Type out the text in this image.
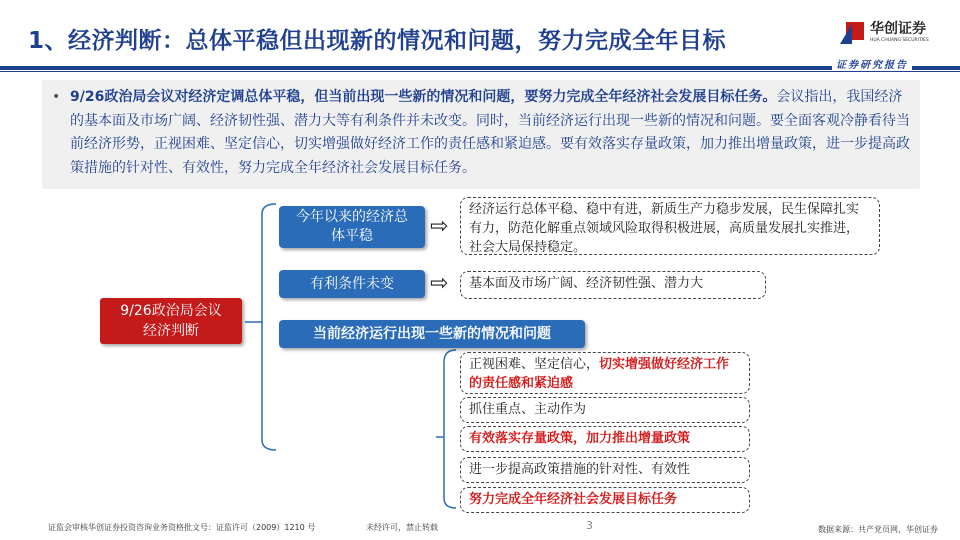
1、经济判断：总体平稳但出现新的情况和问题，努力完成全年目标	华创证券
HUA CHUANG SECURITIES
证券研究报告
• 9/26政治局会议对经济定调总体平稳，但当前出现一些新的情况和问题，要努力完成全年经济社会发展目标任务。会议指出，我国经济的基本面及市场广阔、经济韧性强、潜力大等有利条件并未改变。同时，当前经济运行出现一些新的情况和问题。要全面客观冷静看待当前经济形势，正视困难、坚定信心，切实增强做好经济工作的责任感和紧迫感。要有效落实存量政策，加力推出增量政策，进一步提高政策措施的针对性、有效性，努力完成全年经济社会发展目标任务。
9/26政治局会议经济判断
今年以来的经济总体平稳	⇨
经济运行总体平稳、稳中有进，新质生产力稳步发展，民生保障扎实有力，防范化解重点领域风险取得积极进展，高质量发展扎实推进，社会大局保持稳定。
有利条件未变 ⇨	基本面及市场广阔、经济韧性强、潜力大
当前经济运行出现一些新的情况和问题
正视困难、坚定信心，切实增强做好经济工作的责任感和紧迫感
抓住重点、主动作为
有效落实存量政策，加力推出增量政策
进一步提高政策措施的针对性、有效性
努力完成全年经济社会发展目标任务
证监会审核华创证券投资咨询业务资格批文号：证监许可（2009）1210 号	未经许可，禁止转载	3	数据来源：共产党员网，华创证券
